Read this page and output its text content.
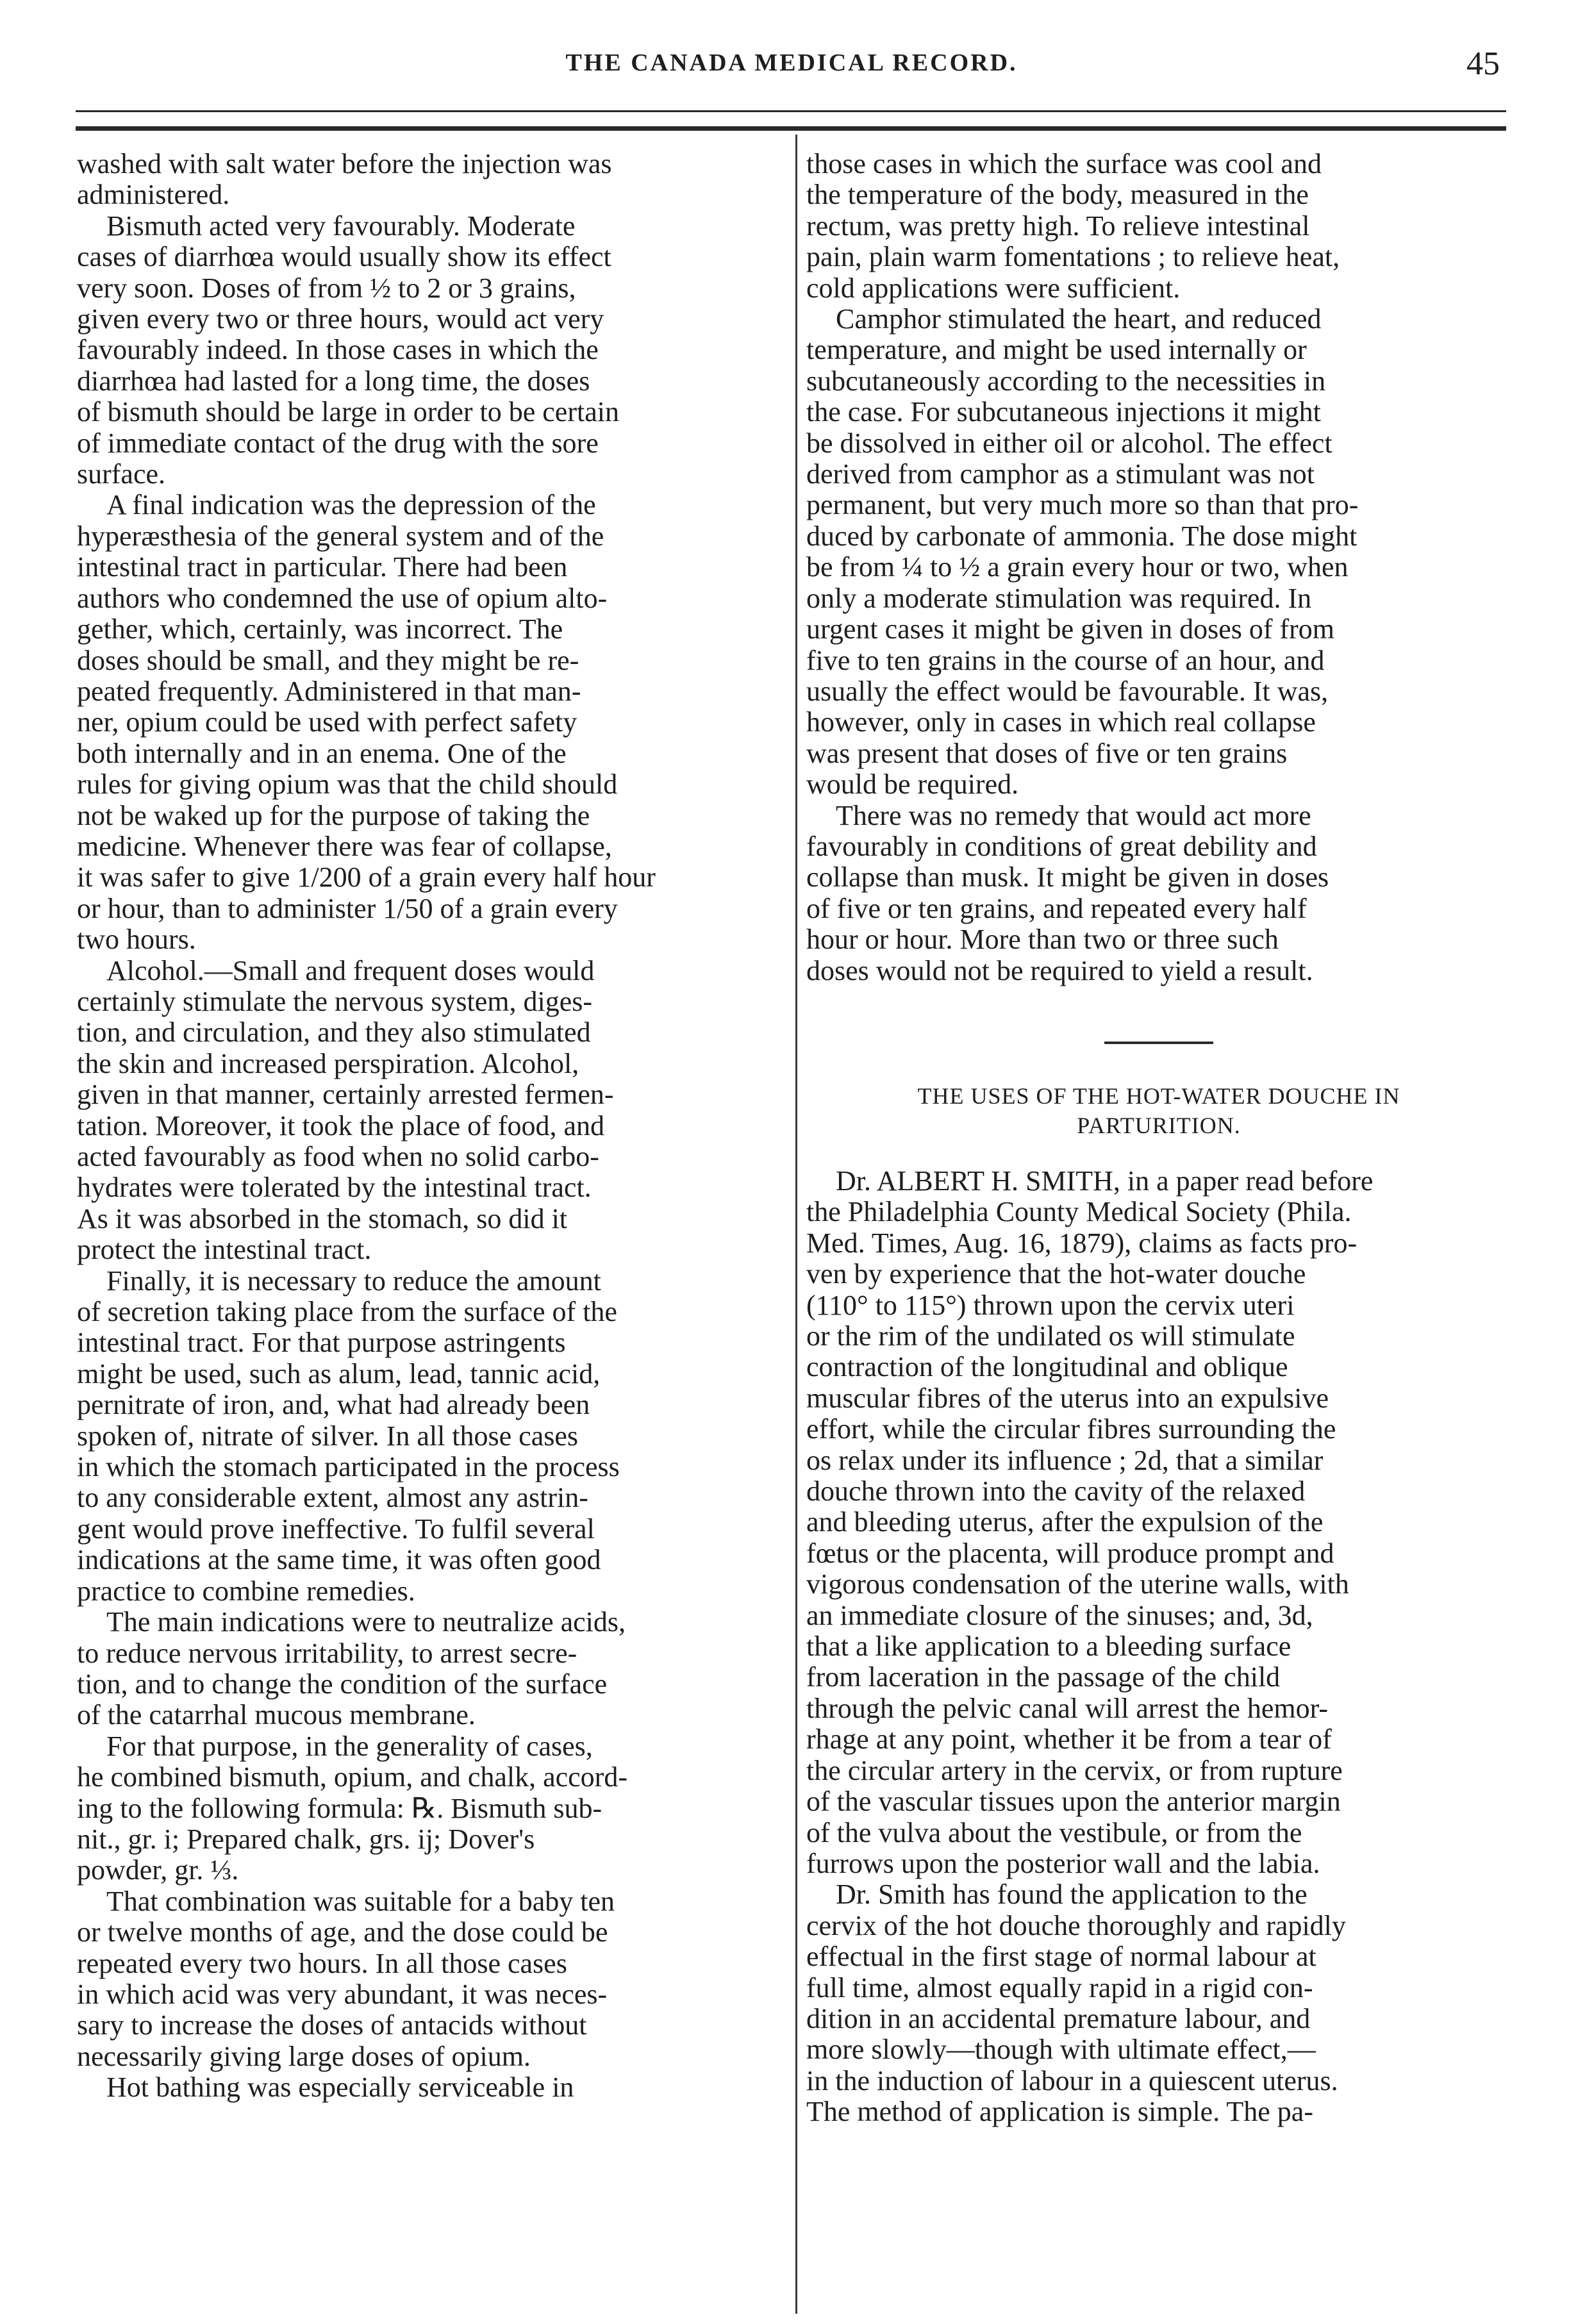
THE CANADA MEDICAL RECORD.	45

washed with salt water before the injection was
administered.

Bismuth acted very favourably. Moderate
cases of diarrhœa would usually show its effect
very soon. Doses of from ½ to 2 or 3 grains,
given every two or three hours, would act very
favourably indeed. In those cases in which the
diarrhœa had lasted for a long time, the doses
of bismuth should be large in order to be certain
of immediate contact of the drug with the sore
surface.

A final indication was the depression of the
hyperæsthesia of the general system and of the
intestinal tract in particular. There had been
authors who condemned the use of opium alto-
gether, which, certainly, was incorrect. The
doses should be small, and they might be re-
peated frequently. Administered in that man-
ner, opium could be used with perfect safety
both internally and in an enema. One of the
rules for giving opium was that the child should
not be waked up for the purpose of taking the
medicine. Whenever there was fear of collapse,
it was safer to give 1/200 of a grain every half hour
or hour, than to administer 1/50 of a grain every
two hours.

Alcohol.—Small and frequent doses would
certainly stimulate the nervous system, diges-
tion, and circulation, and they also stimulated
the skin and increased perspiration. Alcohol,
given in that manner, certainly arrested fermen-
tation. Moreover, it took the place of food, and
acted favourably as food when no solid carbo-
hydrates were tolerated by the intestinal tract.
As it was absorbed in the stomach, so did it
protect the intestinal tract.

Finally, it is necessary to reduce the amount
of secretion taking place from the surface of the
intestinal tract. For that purpose astringents
might be used, such as alum, lead, tannic acid,
pernitrate of iron, and, what had already been
spoken of, nitrate of silver. In all those cases
in which the stomach participated in the process
to any considerable extent, almost any astrin-
gent would prove ineffective. To fulfil several
indications at the same time, it was often good
practice to combine remedies.

The main indications were to neutralize acids,
to reduce nervous irritability, to arrest secre-
tion, and to change the condition of the surface
of the catarrhal mucous membrane.

For that purpose, in the generality of cases,
he combined bismuth, opium, and chalk, accord-
ing to the following formula: ℞. Bismuth sub-
nit., gr. i; Prepared chalk, grs. ij; Dover's
powder, gr. ⅓.

That combination was suitable for a baby ten
or twelve months of age, and the dose could be
repeated every two hours. In all those cases
in which acid was very abundant, it was neces-
sary to increase the doses of antacids without
necessarily giving large doses of opium.

Hot bathing was especially serviceable in

those cases in which the surface was cool and
the temperature of the body, measured in the
rectum, was pretty high. To relieve intestinal
pain, plain warm fomentations ; to relieve heat,
cold applications were sufficient.

Camphor stimulated the heart, and reduced
temperature, and might be used internally or
subcutaneously according to the necessities in
the case. For subcutaneous injections it might
be dissolved in either oil or alcohol. The effect
derived from camphor as a stimulant was not
permanent, but very much more so than that pro-
duced by carbonate of ammonia. The dose might
be from ¼ to ½ a grain every hour or two, when
only a moderate stimulation was required. In
urgent cases it might be given in doses of from
five to ten grains in the course of an hour, and
usually the effect would be favourable. It was,
however, only in cases in which real collapse
was present that doses of five or ten grains
would be required.

There was no remedy that would act more
favourably in conditions of great debility and
collapse than musk. It might be given in doses
of five or ten grains, and repeated every half
hour or hour. More than two or three such
doses would not be required to yield a result.

THE USES OF THE HOT-WATER DOUCHE IN
PARTURITION.

Dr. ALBERT H. SMITH, in a paper read before
the Philadelphia County Medical Society (Phila.
Med. Times, Aug. 16, 1879), claims as facts pro-
ven by experience that the hot-water douche
(110° to 115°) thrown upon the cervix uteri
or the rim of the undilated os will stimulate
contraction of the longitudinal and oblique
muscular fibres of the uterus into an expulsive
effort, while the circular fibres surrounding the
os relax under its influence ; 2d, that a similar
douche thrown into the cavity of the relaxed
and bleeding uterus, after the expulsion of the
fœtus or the placenta, will produce prompt and
vigorous condensation of the uterine walls, with
an immediate closure of the sinuses; and, 3d,
that a like application to a bleeding surface
from laceration in the passage of the child
through the pelvic canal will arrest the hemor-
rhage at any point, whether it be from a tear of
the circular artery in the cervix, or from rupture
of the vascular tissues upon the anterior margin
of the vulva about the vestibule, or from the
furrows upon the posterior wall and the labia.

Dr. Smith has found the application to the
cervix of the hot douche thoroughly and rapidly
effectual in the first stage of normal labour at
full time, almost equally rapid in a rigid con-
dition in an accidental premature labour, and
more slowly—though with ultimate effect,—
in the induction of labour in a quiescent uterus.
The method of application is simple. The pa-
